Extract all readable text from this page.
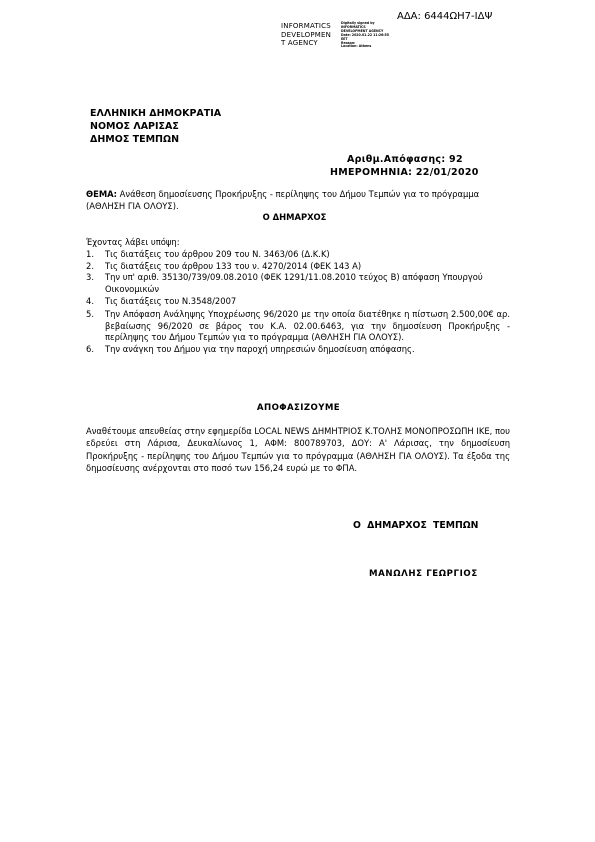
ΑΔΑ: 6444ΩΗ7-ΙΔΨ
INFORMATICS
DEVELOPMEN
T AGENCY
Digitally signed by
INFORMATICS
DEVELOPMENT AGENCY
Date: 2020.01.22 11:26:55
EET
Reason:
Location: Athens
ΕΛΛΗΝΙΚΗ ΔΗΜΟΚΡΑΤΙΑ
ΝΟΜΟΣ ΛΑΡΙΣΑΣ
ΔΗΜΟΣ ΤΕΜΠΩΝ
Αριθμ.Απόφασης: 92
ΗΜΕΡΟΜΗΝΙΑ: 22/01/2020
ΘΕΜΑ: Ανάθεση δημοσίευσης Προκήρυξης - περίληψης του Δήμου Τεμπών για το πρόγραμμα (ΑΘΛΗΣΗ ΓΙΑ ΟΛΟΥΣ).
Ο ΔΗΜΑΡΧΟΣ
Έχοντας λάβει υπόψη:
1. Τις διατάξεις του άρθρου 209 του Ν. 3463/06 (Δ.Κ.Κ)
2. Τις διατάξεις του άρθρου 133 του ν. 4270/2014 (ΦΕΚ 143 Α)
3. Την υπ' αριθ. 35130/739/09.08.2010 (ΦΕΚ 1291/11.08.2010 τεύχος Β) απόφαση Υπουργού Οικονομικών
4. Τις διατάξεις του Ν.3548/2007
5. Την Απόφαση Ανάληψης Υποχρέωσης 96/2020 με την οποία διατέθηκε η πίστωση 2.500,00€ αρ. βεβαίωσης 96/2020 σε βάρος του Κ.Α. 02.00.6463, για την δημοσίευση Προκήρυξης - περίληψης του Δήμου Τεμπών για το πρόγραμμα (ΑΘΛΗΣΗ ΓΙΑ ΟΛΟΥΣ).
6. Την ανάγκη του Δήμου για την παροχή υπηρεσιών δημοσίευση απόφασης.
ΑΠΟΦΑΣΙΖΟΥΜΕ
Αναθέτουμε απευθείας στην εφημερίδα LOCAL NEWS ΔΗΜΗΤΡΙΟΣ Κ.ΤΟΛΗΣ ΜΟΝΟΠΡΟΣΩΠΗ ΙΚΕ, που εδρεύει στη Λάρισα, Δευκαλίωνος 1, ΑΦΜ: 800789703, ΔΟΥ: Α' Λάρισας, την δημοσίευση Προκήρυξης - περίληψης του Δήμου Τεμπών για το πρόγραμμα (ΑΘΛΗΣΗ ΓΙΑ ΟΛΟΥΣ). Τα έξοδα της δημοσίευσης ανέρχονται στο ποσό των 156,24 ευρώ με το ΦΠΑ.
Ο ΔΗΜΑΡΧΟΣ ΤΕΜΠΩΝ
ΜΑΝΩΛΗΣ ΓΕΩΡΓΙΟΣ
